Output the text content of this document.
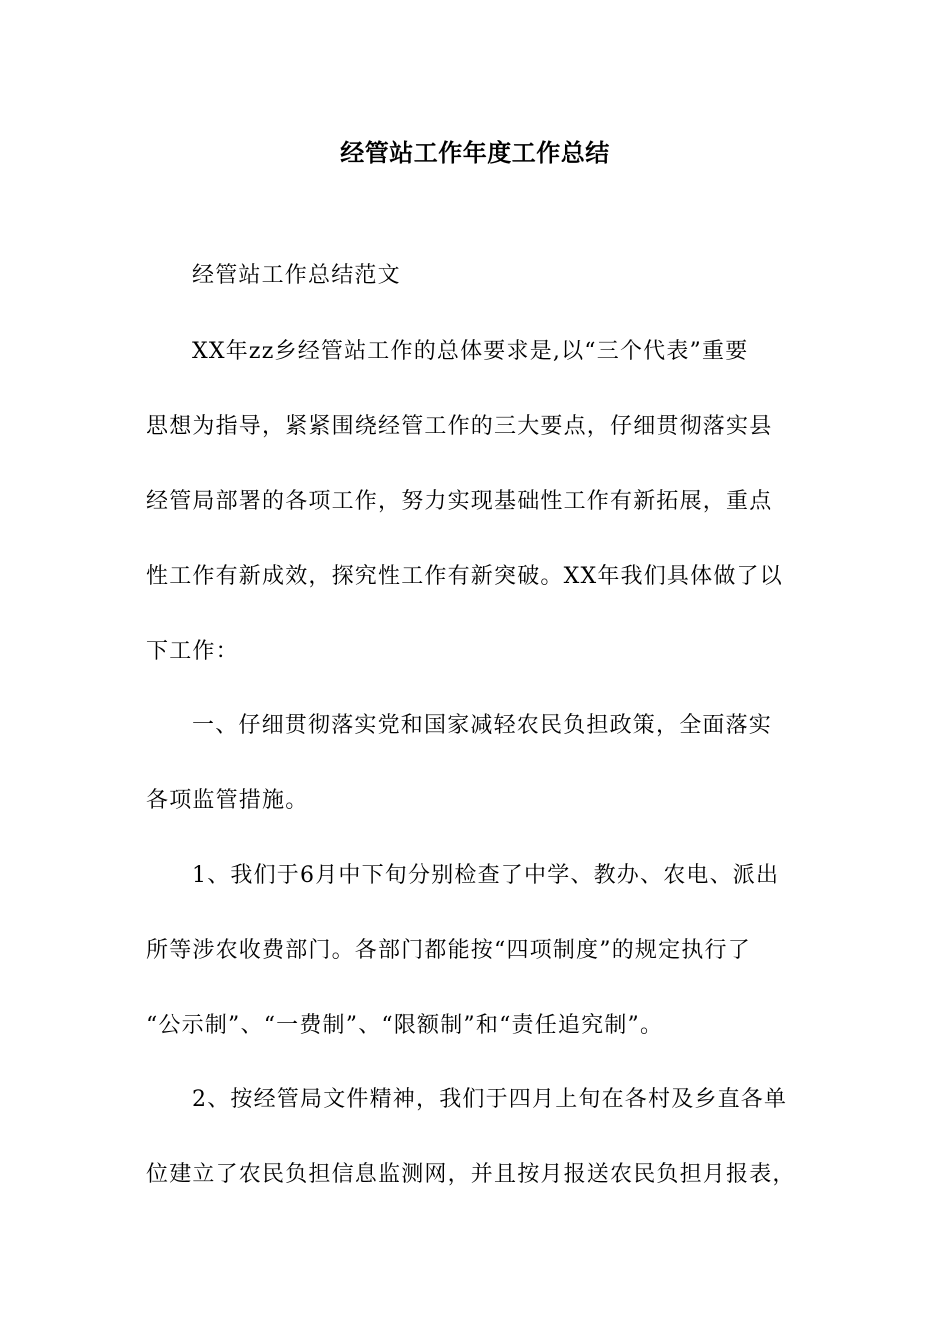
经管站工作年度工作总结
经管站工作总结范文
XX年zz乡经管站工作的总体要求是,以“三个代表”重要
思想为指导，紧紧围绕经管工作的三大要点，仔细贯彻落实县
经管局部署的各项工作，努力实现基础性工作有新拓展，重点
性工作有新成效，探究性工作有新突破。XX年我们具体做了以
下工作：
一、仔细贯彻落实党和国家减轻农民负担政策，全面落实
各项监管措施。
1、我们于6月中下旬分别检查了中学、教办、农电、派出
所等涉农收费部门。各部门都能按“四项制度”的规定执行了
“公示制”、“一费制”、“限额制”和“责任追究制”。
2、按经管局文件精神，我们于四月上旬在各村及乡直各单
位建立了农民负担信息监测网，并且按月报送农民负担月报表，
